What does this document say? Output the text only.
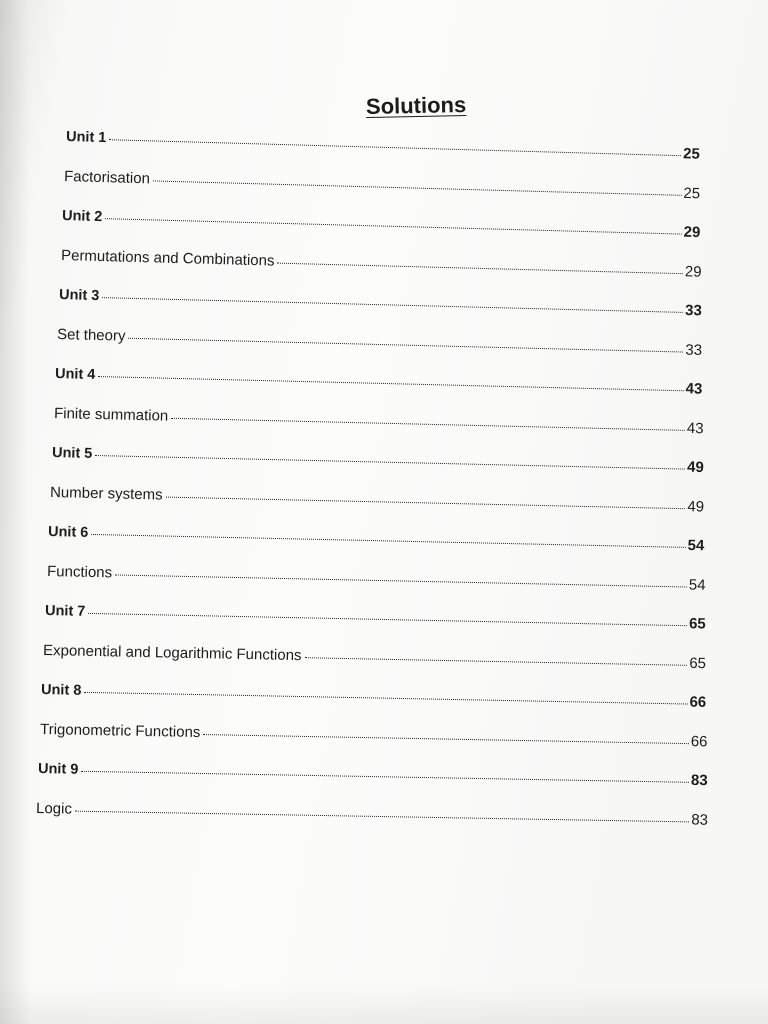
Solutions
Unit 1
25
Factorisation
25
Unit 2
29
Permutations and Combinations
29
Unit 3
33
Set theory
33
Unit 4
43
Finite summation
43
Unit 5
49
Number systems
49
Unit 6
54
Functions
54
Unit 7
65
Exponential and Logarithmic Functions	65
Unit 8
66
Trigonometric Functions
66
Unit 9
83
Logic
83
